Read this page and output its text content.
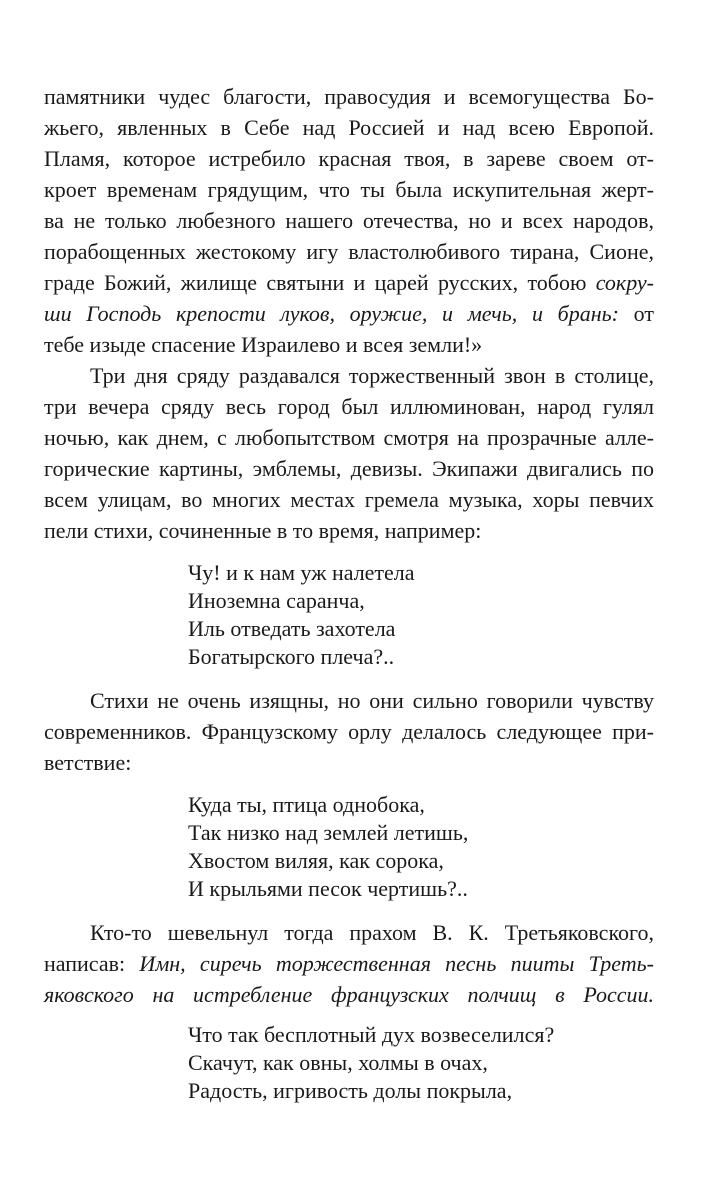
памятники чудес благости, правосудия и всемогущества Бо-
жьего, явленных в Себе над Россией и над всею Европой.
Пламя, которое истребило красная твоя, в зареве своем от-
кроет временам грядущим, что ты была искупительная жерт-
ва не только любезного нашего отечества, но и всех народов,
порабощенных жестокому игу властолюбивого тирана, Сионе,
граде Божий, жилище святыни и царей русских, тобою сокру-
ши Господь крепости луков, оружие, и мечь, и брань: от
тебе изыде спасение Израилево и всея земли!»
Три дня сряду раздавался торжественный звон в столице,
три вечера сряду весь город был иллюминован, народ гулял
ночью, как днем, с любопытством смотря на прозрачные алле-
горические картины, эмблемы, девизы. Экипажи двигались по
всем улицам, во многих местах гремела музыка, хоры певчих
пели стихи, сочиненные в то время, например:
Чу! и к нам уж налетела
Иноземна саранча,
Иль отведать захотела
Богатырского плеча?..
Стихи не очень изящны, но они сильно говорили чувству
современников. Французскому орлу делалось следующее при-
ветствие:
Куда ты, птица однобока,
Так низко над землей летишь,
Хвостом виляя, как сорока,
И крыльями песок чертишь?..
Кто-то шевельнул тогда прахом В. К. Третьяковского,
написав: Имн, сиречь торжественная песнь пииты Треть-
яковского на истребление французских полчищ в России.
Что так бесплотный дух возвеселился?
Скачут, как овны, холмы в очах,
Радость, игривость долы покрыла,
